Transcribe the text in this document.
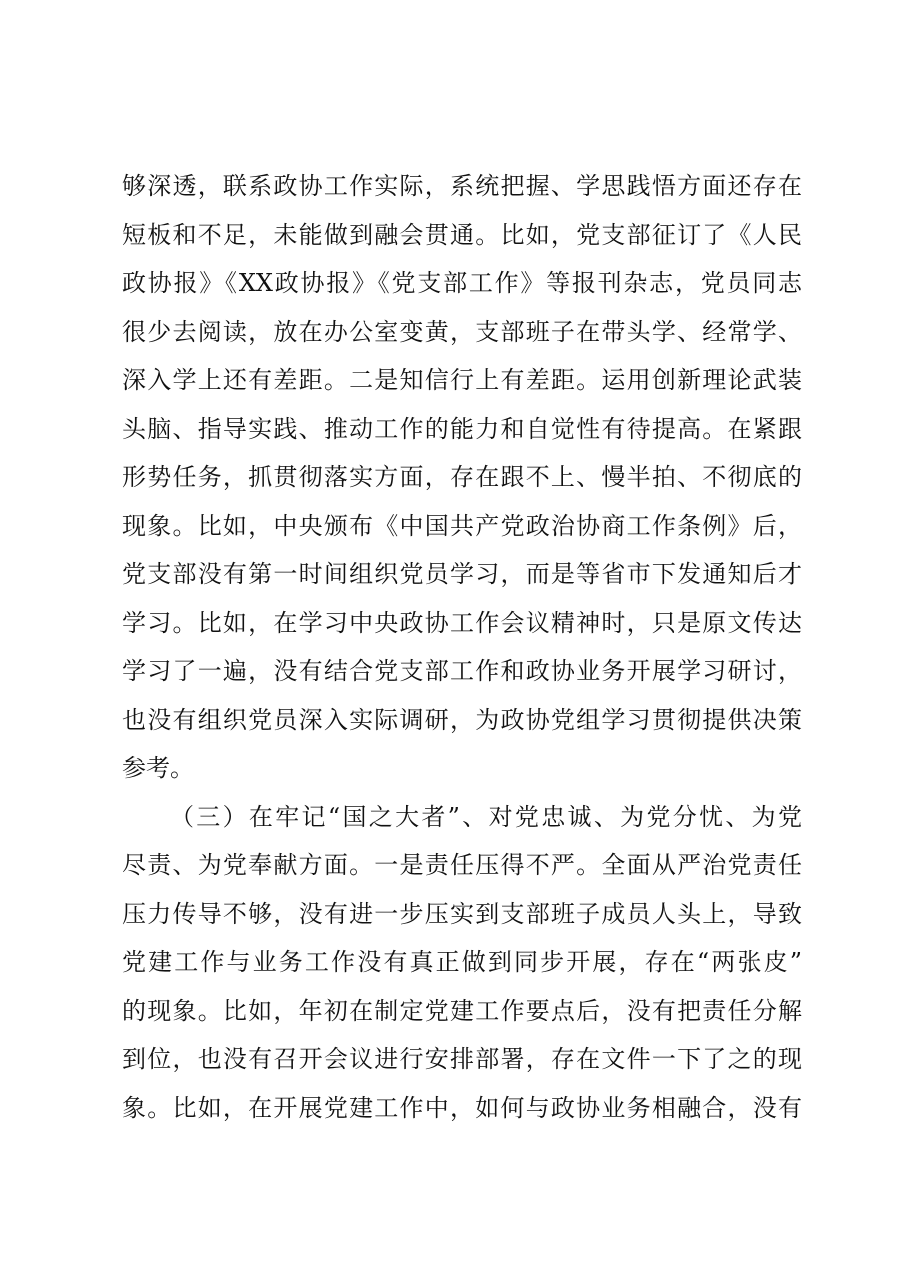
够深透，联系政协工作实际，系统把握、学思践悟方面还存在
短板和不足，未能做到融会贯通。比如，党支部征订了《人民
政协报》《XX政协报》《党支部工作》等报刊杂志，党员同志
很少去阅读，放在办公室变黄，支部班子在带头学、经常学、
深入学上还有差距。二是知信行上有差距。运用创新理论武装
头脑、指导实践、推动工作的能力和自觉性有待提高。在紧跟
形势任务，抓贯彻落实方面，存在跟不上、慢半拍、不彻底的
现象。比如，中央颁布《中国共产党政治协商工作条例》后，
党支部没有第一时间组织党员学习，而是等省市下发通知后才
学习。比如，在学习中央政协工作会议精神时，只是原文传达
学习了一遍，没有结合党支部工作和政协业务开展学习研讨，
也没有组织党员深入实际调研，为政协党组学习贯彻提供决策
参考。
（三）在牢记“国之大者”、对党忠诚、为党分忧、为党
尽责、为党奉献方面。一是责任压得不严。全面从严治党责任
压力传导不够，没有进一步压实到支部班子成员人头上，导致
党建工作与业务工作没有真正做到同步开展，存在“两张皮”
的现象。比如，年初在制定党建工作要点后，没有把责任分解
到位，也没有召开会议进行安排部署，存在文件一下了之的现
象。比如，在开展党建工作中，如何与政协业务相融合，没有
